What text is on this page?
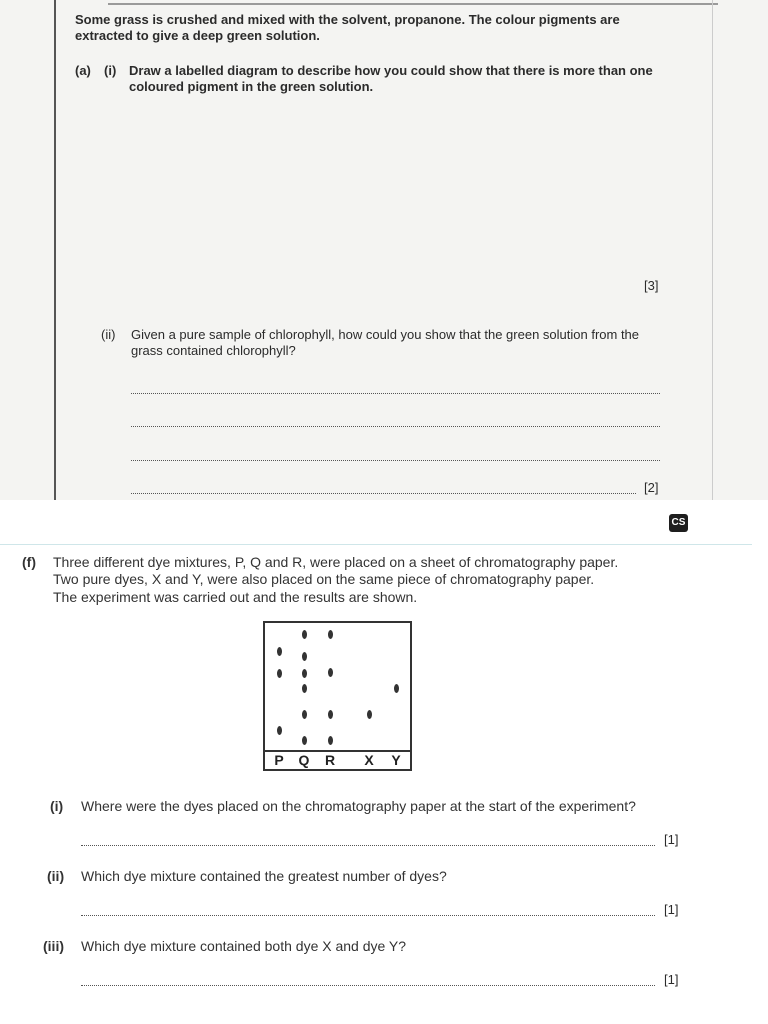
Some grass is crushed and mixed with the solvent, propanone. The colour pigments are extracted to give a deep green solution.
(a) (i) Draw a labelled diagram to describe how you could show that there is more than one coloured pigment in the green solution.
[3]
(ii) Given a pure sample of chlorophyll, how could you show that the green solution from the grass contained chlorophyll?
[2]
CS
(f) Three different dye mixtures, P, Q and R, were placed on a sheet of chromatography paper.
Two pure dyes, X and Y, were also placed on the same piece of chromatography paper.
The experiment was carried out and the results are shown.
P Q R X Y
(i) Where were the dyes placed on the chromatography paper at the start of the experiment?
[1]
(ii) Which dye mixture contained the greatest number of dyes?
[1]
(iii) Which dye mixture contained both dye X and dye Y?
[1]
